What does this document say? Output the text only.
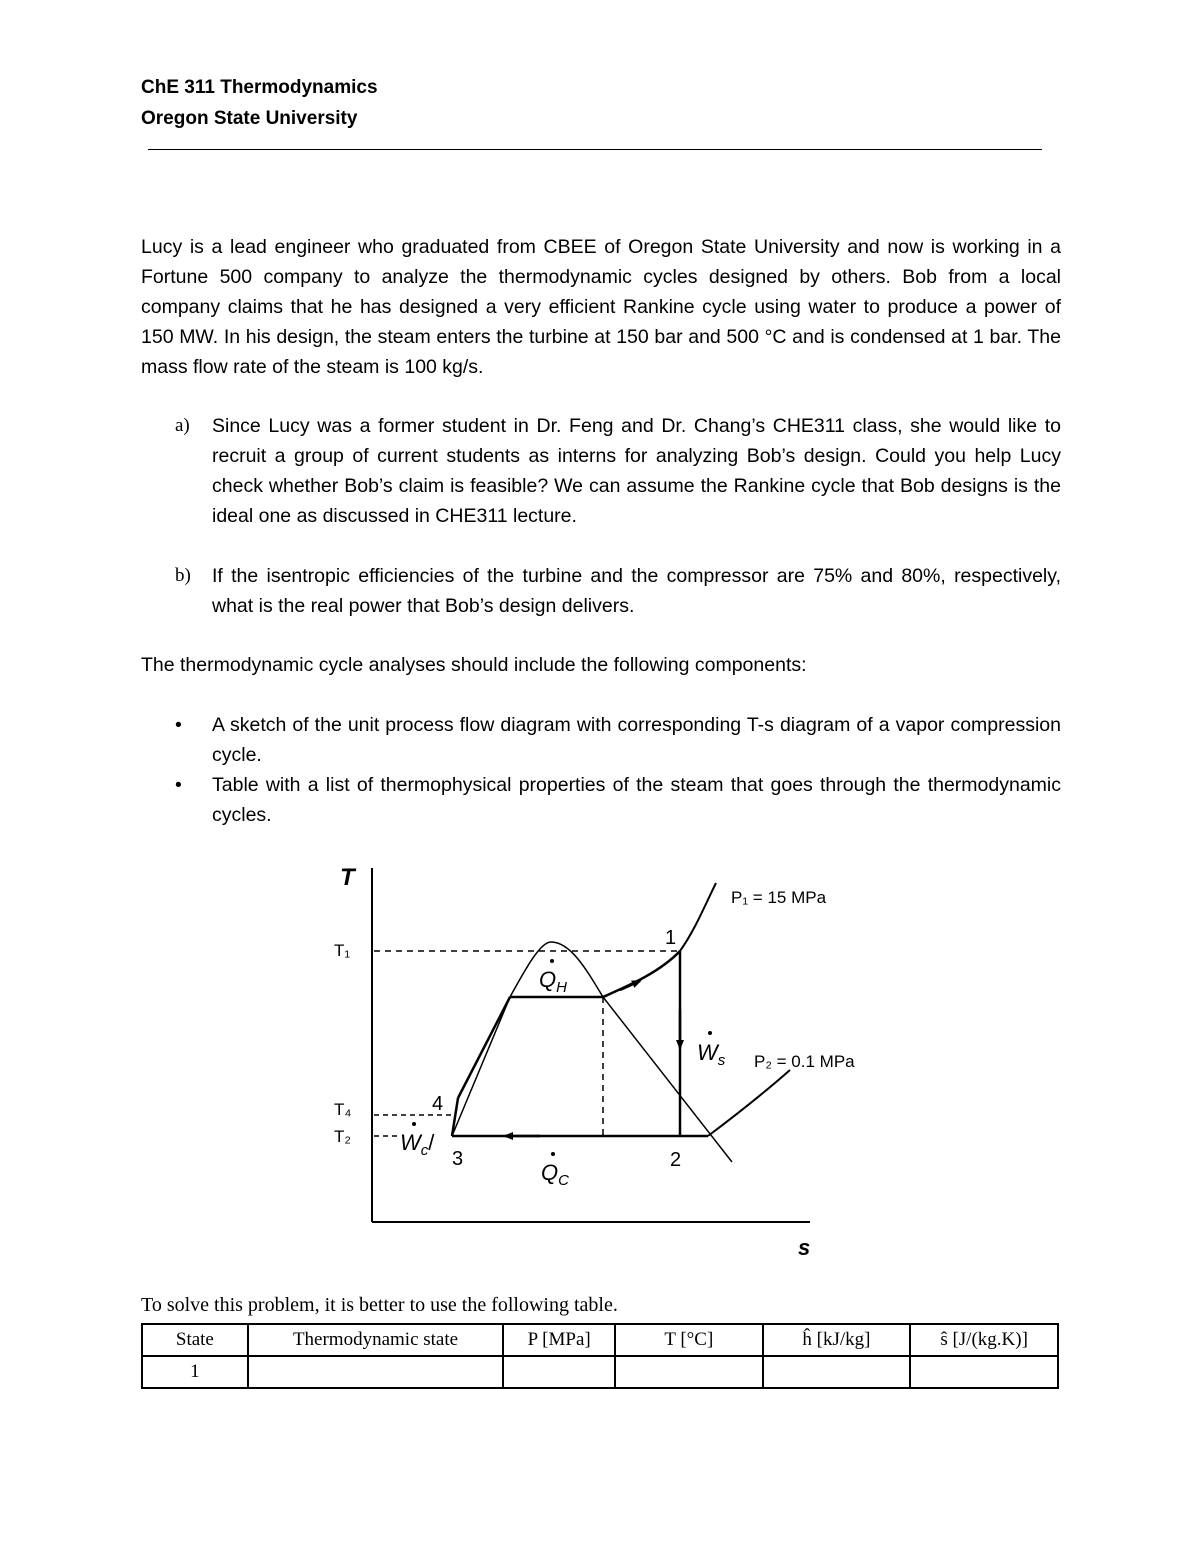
ChE 311 Thermodynamics
Oregon State University
Lucy is a lead engineer who graduated from CBEE of Oregon State University and now is working in a Fortune 500 company to analyze the thermodynamic cycles designed by others. Bob from a local company claims that he has designed a very efficient Rankine cycle using water to produce a power of 150 MW. In his design, the steam enters the turbine at 150 bar and 500 °C and is condensed at 1 bar. The mass flow rate of the steam is 100 kg/s.
a) Since Lucy was a former student in Dr. Feng and Dr. Chang’s CHE311 class, she would like to recruit a group of current students as interns for analyzing Bob’s design. Could you help Lucy check whether Bob’s claim is feasible? We can assume the Rankine cycle that Bob designs is the ideal one as discussed in CHE311 lecture.
b) If the isentropic efficiencies of the turbine and the compressor are 75% and 80%, respectively, what is the real power that Bob’s design delivers.
The thermodynamic cycle analyses should include the following components:
• A sketch of the unit process flow diagram with corresponding T-s diagram of a vapor compression cycle.
• Table with a list of thermophysical properties of the steam that goes through the thermodynamic cycles.
T
s
T₁
T₄
T₂
P₁ = 15 MPa
P₂ = 0.1 MPa
1
2
3
4
$Q_H$
$Q_C$
$W_s$
$W_c/$
To solve this problem, it is better to use the following table.
State	Thermodynamic state	P [MPa]	T [°C]	ĥ [kJ/kg]	ŝ [J/(kg.K)]
1					
